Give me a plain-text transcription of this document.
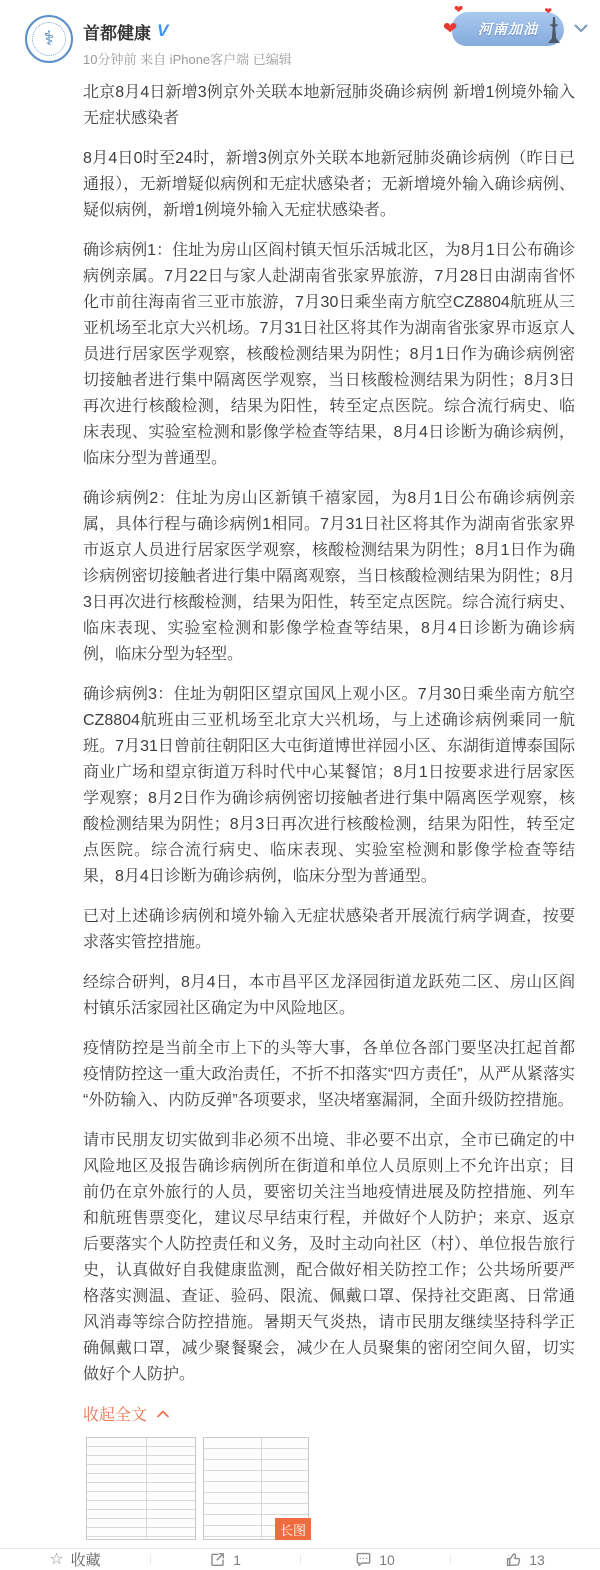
⚕
❤
❤
❤
河南加油
首都健康 V
10分钟前 来自 iPhone客户端 已编辑

北京8月4日新增3例京外关联本地新冠肺炎确诊病例 新增1例境外输入无症状感染者

8月4日0时至24时，新增3例京外关联本地新冠肺炎确诊病例（昨日已通报），无新增疑似病例和无症状感染者；无新增境外输入确诊病例、疑似病例，新增1例境外输入无症状感染者。

确诊病例1：住址为房山区阎村镇天恒乐活城北区，为8月1日公布确诊病例亲属。7月22日与家人赴湖南省张家界旅游，7月28日由湖南省怀化市前往海南省三亚市旅游，7月30日乘坐南方航空CZ8804航班从三亚机场至北京大兴机场。7月31日社区将其作为湖南省张家界市返京人员进行居家医学观察，核酸检测结果为阴性；8月1日作为确诊病例密切接触者进行集中隔离医学观察，当日核酸检测结果为阴性；8月3日再次进行核酸检测，结果为阳性，转至定点医院。综合流行病史、临床表现、实验室检测和影像学检查等结果，8月4日诊断为确诊病例，临床分型为普通型。

确诊病例2：住址为房山区新镇千禧家园，为8月1日公布确诊病例亲属，具体行程与确诊病例1相同。7月31日社区将其作为湖南省张家界市返京人员进行居家医学观察，核酸检测结果为阴性；8月1日作为确诊病例密切接触者进行集中隔离观察，当日核酸检测结果为阴性；8月3日再次进行核酸检测，结果为阳性，转至定点医院。综合流行病史、临床表现、实验室检测和影像学检查等结果，8月4日诊断为确诊病例，临床分型为轻型。

确诊病例3：住址为朝阳区望京国风上观小区。7月30日乘坐南方航空CZ8804航班由三亚机场至北京大兴机场，与上述确诊病例乘同一航班。7月31日曾前往朝阳区大屯街道博世祥园小区、东湖街道博泰国际商业广场和望京街道万科时代中心某餐馆；8月1日按要求进行居家医学观察；8月2日作为确诊病例密切接触者进行集中隔离医学观察，核酸检测结果为阴性；8月3日再次进行核酸检测，结果为阳性，转至定点医院。综合流行病史、临床表现、实验室检测和影像学检查等结果，8月4日诊断为确诊病例，临床分型为普通型。

已对上述确诊病例和境外输入无症状感染者开展流行病学调查，按要求落实管控措施。

经综合研判，8月4日，本市昌平区龙泽园街道龙跃苑二区、房山区阎村镇乐活家园社区确定为中风险地区。

疫情防控是当前全市上下的头等大事，各单位各部门要坚决扛起首都疫情防控这一重大政治责任，不折不扣落实“四方责任”，从严从紧落实“外防输入、内防反弹”各项要求，坚决堵塞漏洞，全面升级防控措施。

请市民朋友切实做到非必须不出境、非必要不出京，全市已确定的中风险地区及报告确诊病例所在街道和单位人员原则上不允许出京；目前仍在京外旅行的人员，要密切关注当地疫情进展及防控措施、列车和航班售票变化，建议尽早结束行程，并做好个人防护；来京、返京后要落实个人防控责任和义务，及时主动向社区（村）、单位报告旅行史，认真做好自我健康监测，配合做好相关防控工作；公共场所要严格落实测温、查证、验码、限流、佩戴口罩、保持社交距离、日常通风消毒等综合防控措施。暑期天气炎热，请市民朋友继续坚持科学正确佩戴口罩，减少聚餐聚会，减少在人员聚集的密闭空间久留，切实做好个人防护。

收起全文
长图
☆ 收藏	1	10	13
